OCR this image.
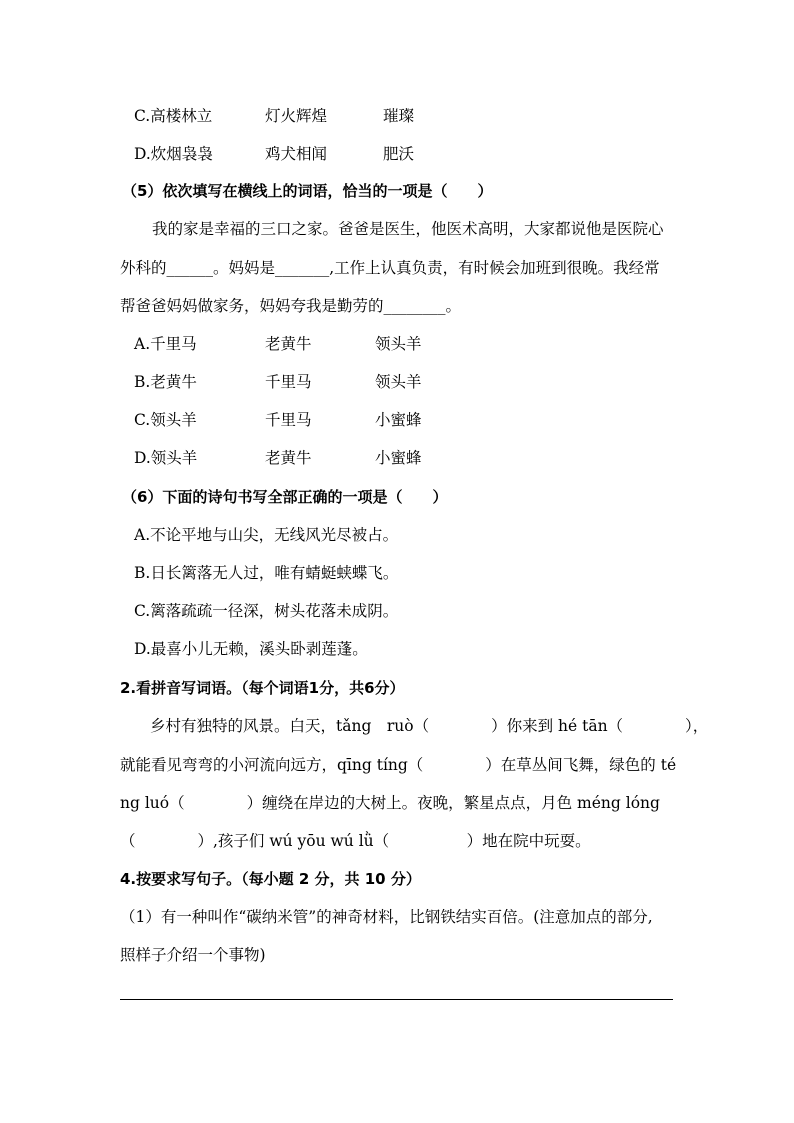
C.高楼林立	灯火辉煌	璀璨
D.炊烟袅袅	鸡犬相闻	肥沃
（5）依次填写在横线上的词语，恰当的一项是（　　）
我的家是幸福的三口之家。爸爸是医生，他医术高明，大家都说他是医院心
外科的______。妈妈是_______,工作上认真负责，有时候会加班到很晚。我经常
帮爸爸妈妈做家务，妈妈夸我是勤劳的________。
A.千里马	老黄牛	领头羊
B.老黄牛	千里马	领头羊
C.领头羊	千里马	小蜜蜂
D.领头羊	老黄牛	小蜜蜂
（6）下面的诗句书写全部正确的一项是（　　）
A.不论平地与山尖，无线风光尽被占。
B.日长篱落无人过，唯有蜻蜓蛱蝶飞。
C.篱落疏疏一径深，树头花落未成阴。
D.最喜小儿无赖，溪头卧剥莲蓬。
2.看拼音写词语。（每个词语1分，共6分）
乡村有独特的风景。白天，tǎng　ruò（　　　　）你来到 hé tān（　　　　），
就能看见弯弯的小河流向远方，qīng tíng（　　　　）在草丛间飞舞，绿色的 té
ng luó（　　　　）缠绕在岸边的大树上。夜晚，繁星点点，月色 méng lóng
（　　　　）,孩子们 wú yōu wú lǜ（　　　　　）地在院中玩耍。
4.按要求写句子。（每小题 2 分，共 10 分）
（1）有一种叫作“碳纳米管”的神奇材料，比钢铁结实百倍。(注意加点的部分,
照样子介绍一个事物)
